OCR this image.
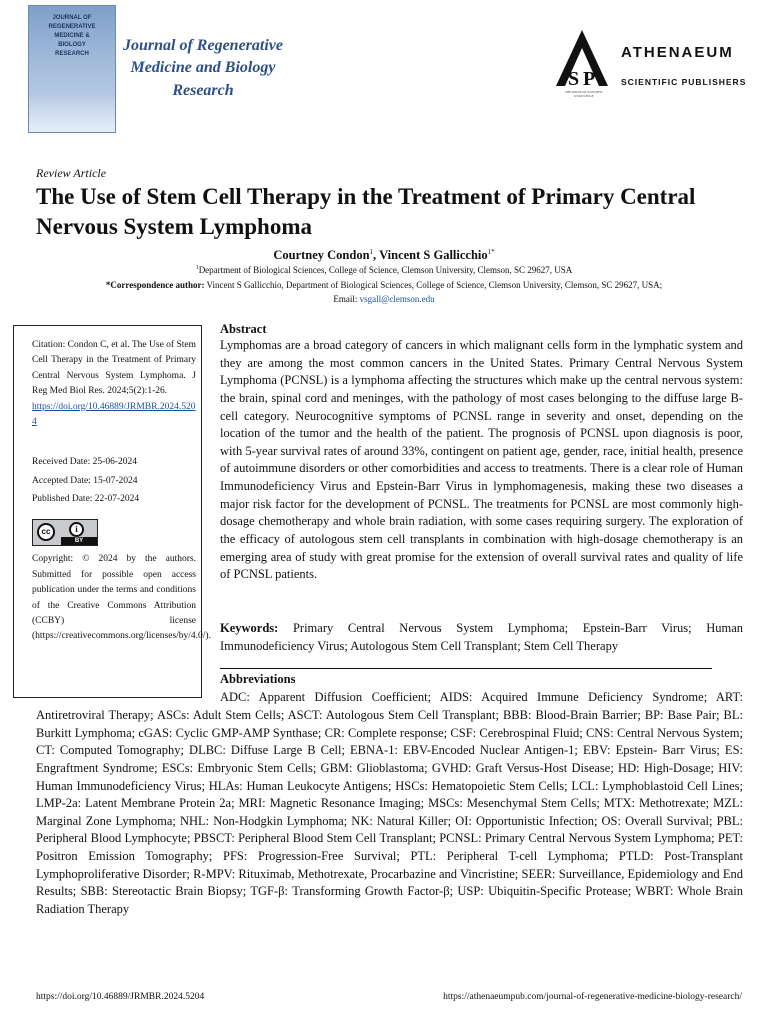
JOURNAL OF
REGENERATIVE
MEDICINE &
BIOLOGY
RESEARCH	Journal of Regenerative
Medicine and Biology
Research
S P
ATHENAEUM
SCIENTIFIC PUBLISHERS
THE HOUSE OF SCIENTIFIC KNOWLEDGE
Review Article
The Use of Stem Cell Therapy in the Treatment of Primary Central Nervous System Lymphoma
Courtney Condon$^1$, Vincent S Gallicchio$^{1*}$
$^1$Department of Biological Sciences, College of Science, Clemson University, Clemson, SC 29627, USA
*Correspondence author: Vincent S Gallicchio, Department of Biological Sciences, College of Science, Clemson University, Clemson, SC 29627, USA;
Email: vsgall@clemson.edu

Citation: Condon C, et al. The Use of Stem Cell Therapy in the Treatment of Primary Central Nervous System Lymphoma. J Reg Med Biol Res. 2024;5(2):1-26.

https://doi.org/10.46889/JRMBR.2024.5204
Received Date: 25-06-2024
Accepted Date: 15-07-2024
Published Date: 22-07-2024
cc	i
BY

Copyright: © 2024 by the authors. Submitted for possible open access publication under the terms and conditions of the Creative Commons Attribution (CCBY) license (https://creativecommons.org/licenses/by/4.0/).

Abstract

Lymphomas are a broad category of cancers in which malignant cells form in the lymphatic system and they are among the most common cancers in the United States. Primary Central Nervous System Lymphoma (PCNSL) is a lymphoma affecting the structures which make up the central nervous system: the brain, spinal cord and meninges, with the pathology of most cases belonging to the diffuse large B-cell category. Neurocognitive symptoms of PCNSL range in severity and onset, depending on the location of the tumor and the health of the patient. The prognosis of PCNSL upon diagnosis is poor, with 5-year survival rates of around 33%, contingent on patient age, gender, race, initial health, presence of autoimmune disorders or other comorbidities and access to treatments. There is a clear role of Human Immunodeficiency Virus and Epstein-Barr Virus in lymphomagenesis, making these two diseases a major risk factor for the development of PCNSL. The treatments for PCNSL are most commonly high-dosage chemotherapy and whole brain radiation, with some cases requiring surgery. The exploration of the efficacy of autologous stem cell transplants in combination with high-dosage chemotherapy is an emerging area of study with great promise for the extension of overall survival rates and quality of life of PCNSL patients.

Keywords: Primary Central Nervous System Lymphoma; Epstein-Barr Virus; Human Immunodeficiency Virus; Autologous Stem Cell Transplant; Stem Cell Therapy

Abbreviations

ADC: Apparent Diffusion Coefficient; AIDS: Acquired Immune Deficiency Syndrome; ART:

Antiretroviral Therapy; ASCs: Adult Stem Cells; ASCT: Autologous Stem Cell Transplant; BBB: Blood-Brain Barrier; BP: Base Pair; BL: Burkitt Lymphoma; cGAS: Cyclic GMP-AMP Synthase; CR: Complete response; CSF: Cerebrospinal Fluid; CNS: Central Nervous System; CT: Computed Tomography; DLBC: Diffuse Large B Cell; EBNA-1: EBV-Encoded Nuclear Antigen-1; EBV: Epstein- Barr Virus; ES: Engraftment Syndrome; ESCs: Embryonic Stem Cells; GBM: Glioblastoma; GVHD: Graft Versus-Host Disease; HD: High-Dosage; HIV: Human Immunodeficiency Virus; HLAs: Human Leukocyte Antigens; HSCs: Hematopoietic Stem Cells; LCL: Lymphoblastoid Cell Lines; LMP-2a: Latent Membrane Protein 2a; MRI: Magnetic Resonance Imaging; MSCs: Mesenchymal Stem Cells; MTX: Methotrexate; MZL: Marginal Zone Lymphoma; NHL: Non-Hodgkin Lymphoma; NK: Natural Killer; OI: Opportunistic Infection; OS: Overall Survival; PBL: Peripheral Blood Lymphocyte; PBSCT: Peripheral Blood Stem Cell Transplant; PCNSL: Primary Central Nervous System Lymphoma; PET: Positron Emission Tomography; PFS: Progression-Free Survival; PTL: Peripheral T-cell Lymphoma; PTLD: Post-Transplant Lymphoproliferative Disorder; R-MPV: Rituximab, Methotrexate, Procarbazine and Vincristine; SEER: Surveillance, Epidemiology and End Results; SBB: Stereotactic Brain Biopsy; TGF-β: Transforming Growth Factor-β; USP: Ubiquitin-Specific Protease; WBRT: Whole Brain Radiation Therapy

https://doi.org/10.46889/JRMBR.2024.5204	https://athenaeumpub.com/journal-of-regenerative-medicine-biology-research/
